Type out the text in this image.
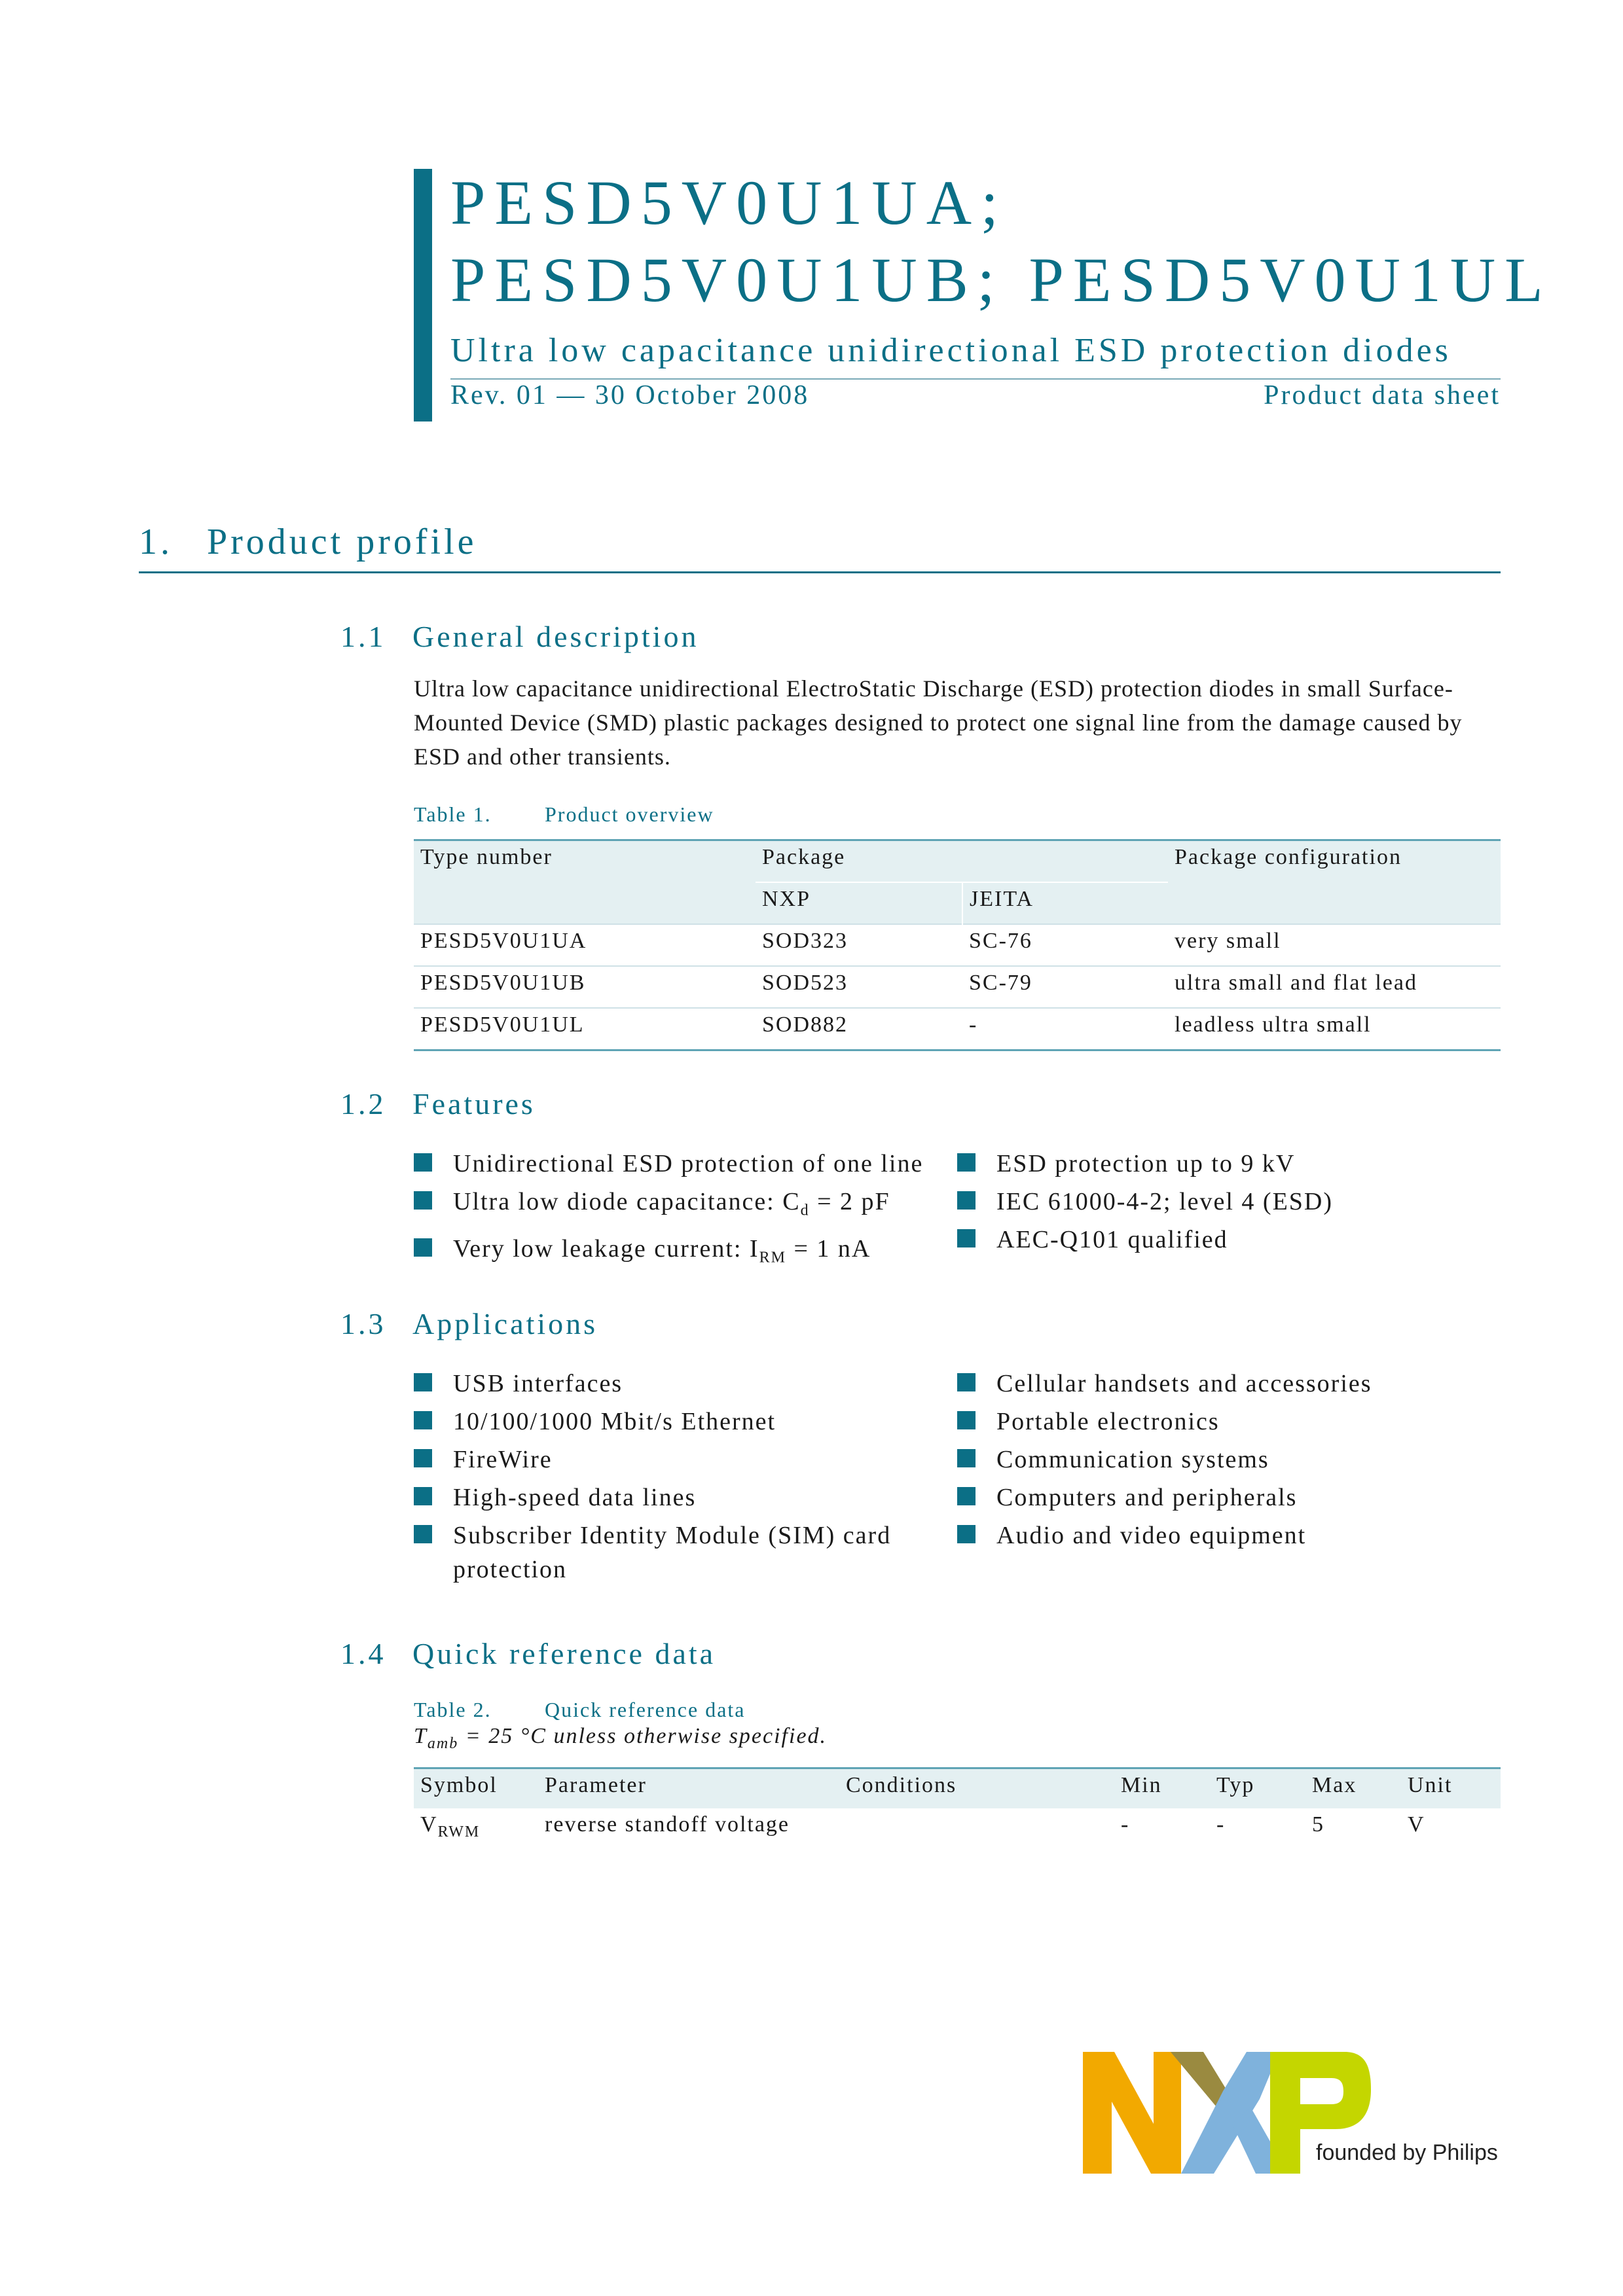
PESD5V0U1UA;
PESD5V0U1UB; PESD5V0U1UL
Ultra low capacitance unidirectional ESD protection diodes
Rev. 01 — 30 October 2008	Product data sheet
1. Product profile
1.1 General description

Ultra low capacitance unidirectional ElectroStatic Discharge (ESD) protection diodes in small Surface-Mounted Device (SMD) plastic packages designed to protect one signal line from the damage caused by ESD and other transients.

Table 1.	Product overview
Type number	Package		Package configuration
	NXP	JEITA	
PESD5V0U1UA	SOD323	SC-76	very small
PESD5V0U1UB	SOD523	SC-79	ultra small and flat lead
PESD5V0U1UL	SOD882	-	leadless ultra small
1.2 Features
Unidirectional ESD protection of one line
Ultra low diode capacitance: $C_d = 2$ pF
Very low leakage current: $I_{RM} = 1$ nA
ESD protection up to 9 kV
IEC 61000-4-2; level 4 (ESD)
AEC-Q101 qualified
1.3 Applications
USB interfaces
10/100/1000 Mbit/s Ethernet
FireWire
High-speed data lines
Subscriber Identity Module (SIM) card protection
Cellular handsets and accessories
Portable electronics
Communication systems
Computers and peripherals
Audio and video equipment
1.4 Quick reference data
Table 2.	Quick reference data
$T_{amb} = 25$ °C unless otherwise specified.
Symbol	Parameter	Conditions	Min	Typ	Max	Unit
$V_{RWM}$	reverse standoff voltage		-	-	5	V
founded by Philips
